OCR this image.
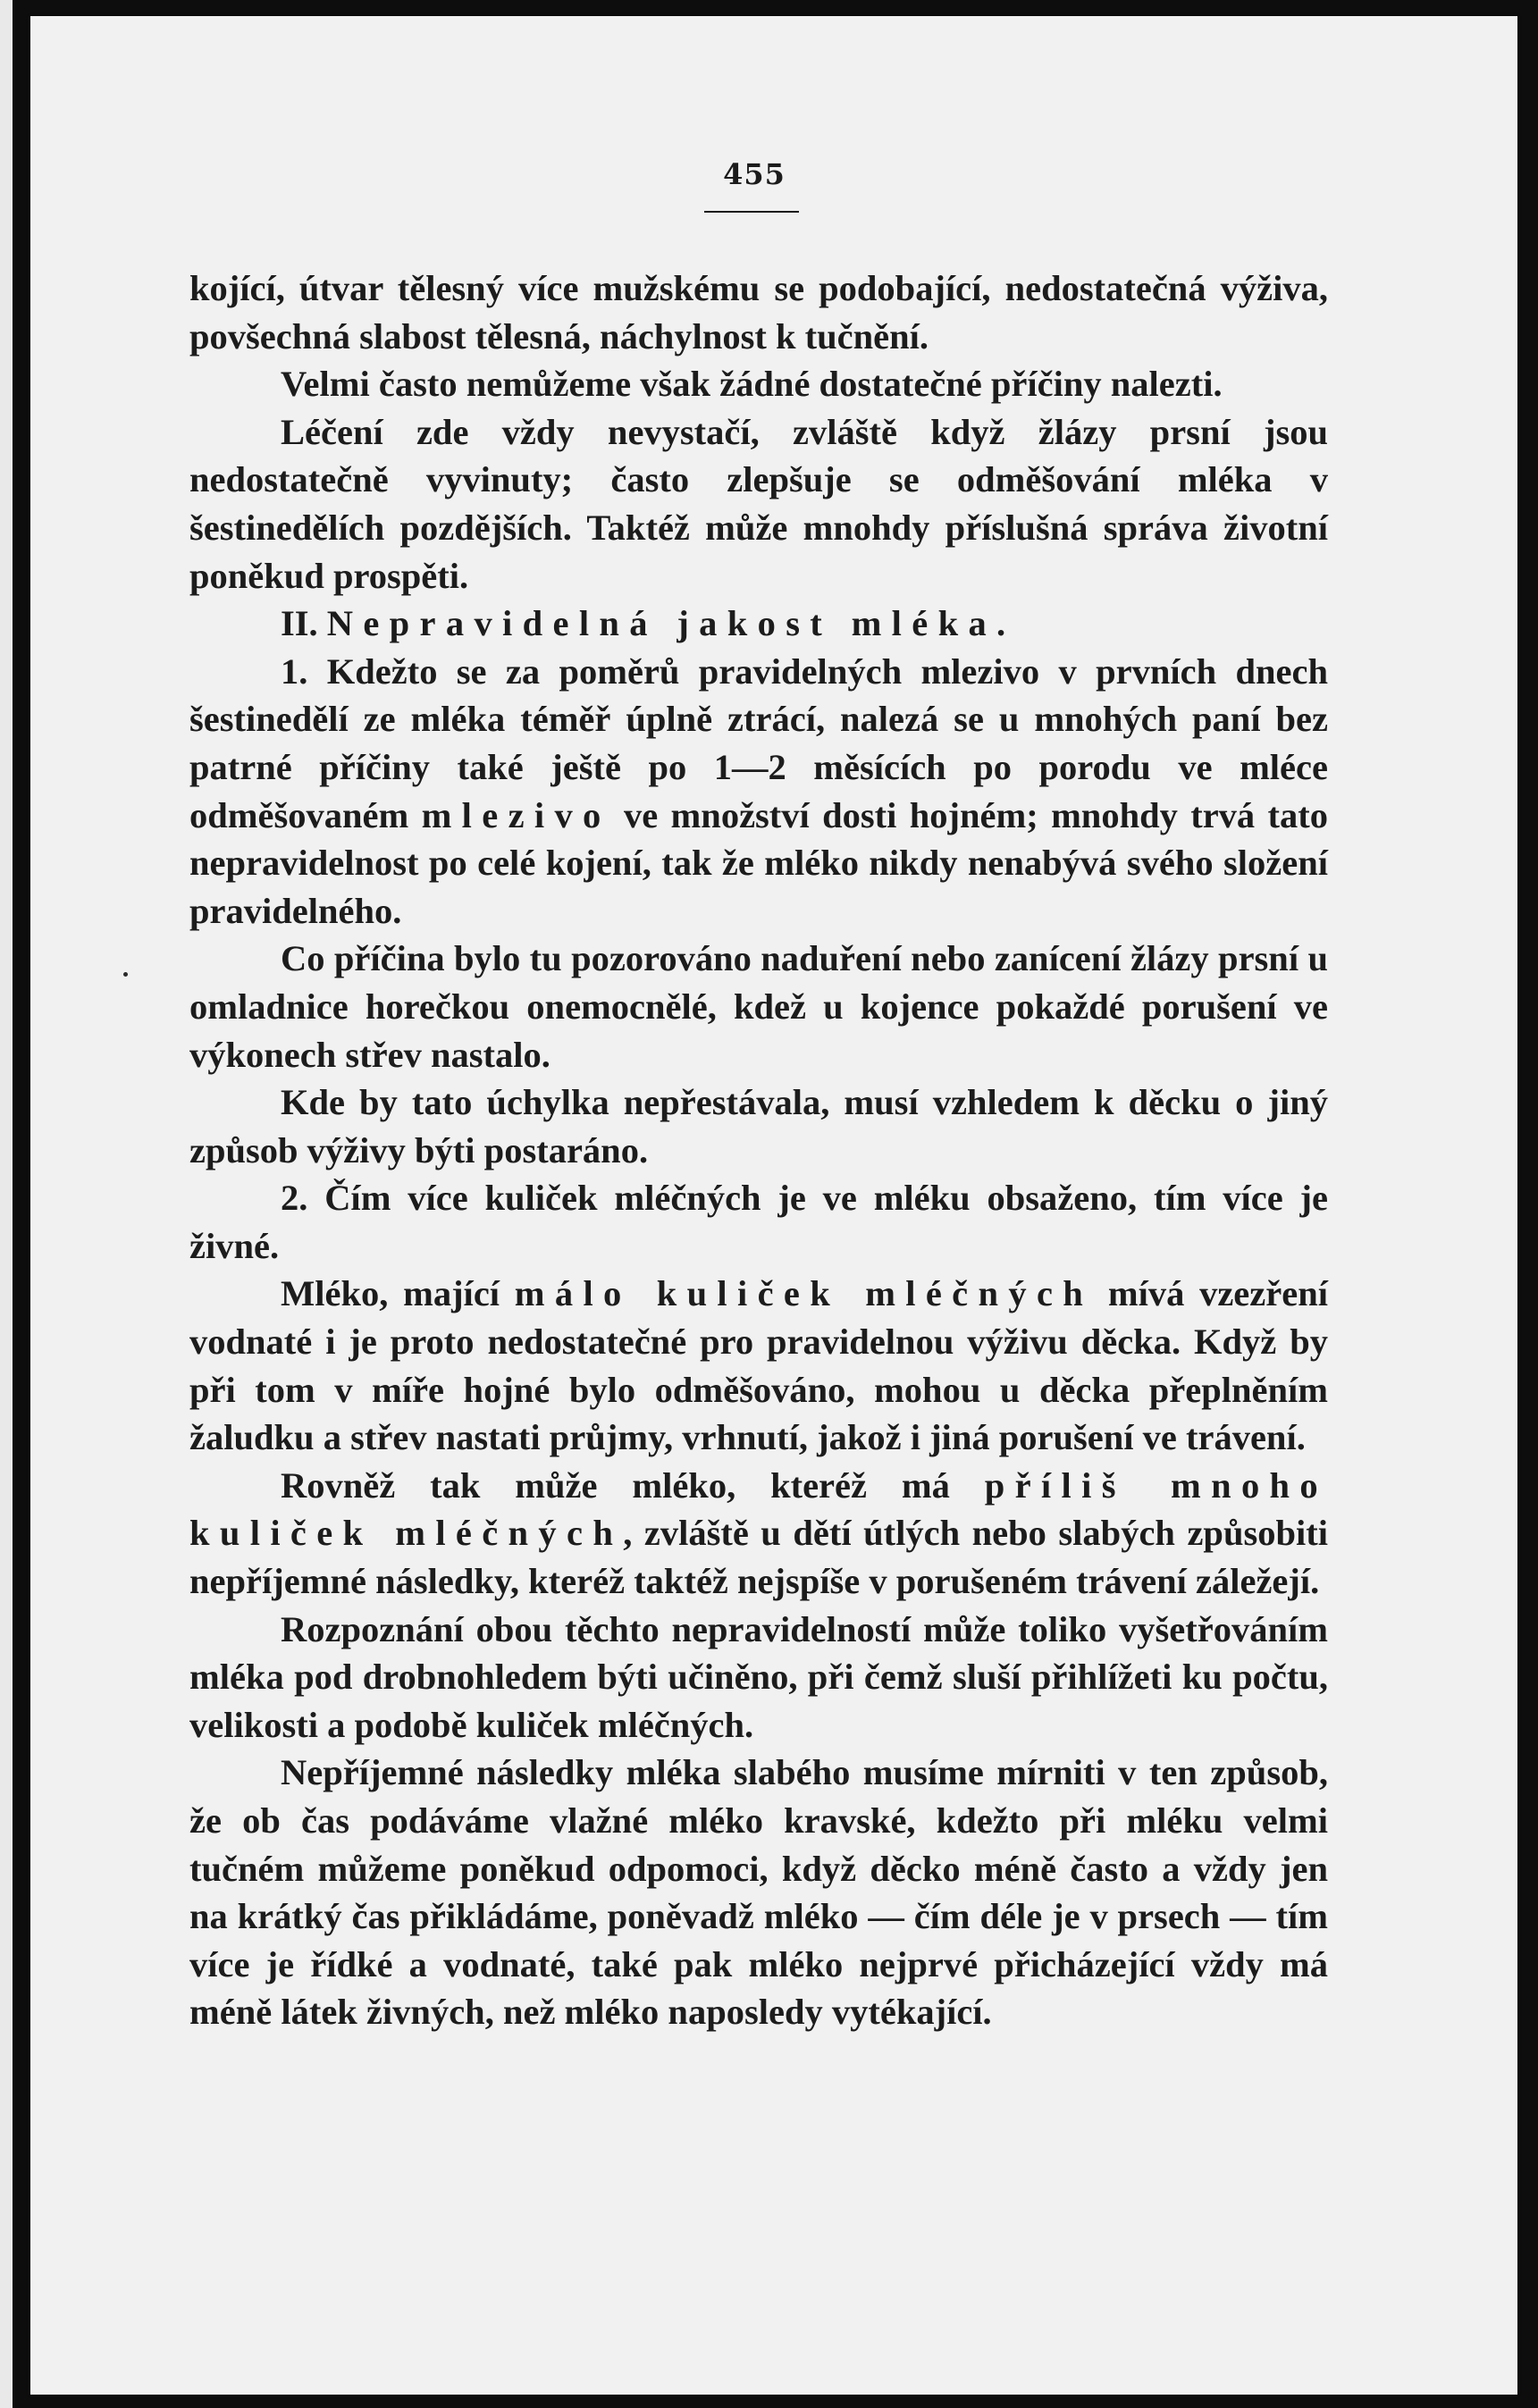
455

kojící, útvar tělesný více mužskému se podobající, nedostatečná výživa, povšechná slabost tělesná, náchylnost k tučnění.

Velmi často nemůžeme však žádné dostatečné příčiny nalezti.

Léčení zde vždy nevystačí, zvláště když žlázy prsní jsou nedostatečně vyvinuty; často zlepšuje se odměšování mléka v šestinedělích pozdějších. Taktéž může mnohdy příslušná správa životní poněkud prospěti.

II. Nepravidelná jakost mléka.

1. Kdežto se za poměrů pravidelných mlezivo v prvních dnech šestinedělí ze mléka téměř úplně ztrácí, nalezá se u mnohých paní bez patrné příčiny také ještě po 1—2 měsících po porodu ve mléce odměšovaném mlezivo ve množství dosti hojném; mnohdy trvá tato nepravidelnost po celé kojení, tak že mléko nikdy nenabývá svého složení pravidelného.

Co příčina bylo tu pozorováno naduření nebo zanícení žlázy prsní u omladnice horečkou onemocnělé, kdež u kojence pokaždé porušení ve výkonech střev nastalo.

Kde by tato úchylka nepřestávala, musí vzhledem k děcku o jiný způsob výživy býti postaráno.

2. Čím více kuliček mléčných je ve mléku obsaženo, tím více je živné.

Mléko, mající málo kuliček mléčných mívá vzezření vodnaté i je proto nedostatečné pro pravidelnou výživu děcka. Když by při tom v míře hojné bylo odměšováno, mohou u děcka přeplněním žaludku a střev nastati průjmy, vrhnutí, jakož i jiná porušení ve trávení.

Rovněž tak může mléko, kteréž má příliš mnoho kuliček mléčných, zvláště u dětí útlých nebo slabých způsobiti nepříjemné následky, kteréž taktéž nejspíše v porušeném trávení záležejí.

Rozpoznání obou těchto nepravidelností může toliko vyšetřováním mléka pod drobnohledem býti učiněno, při čemž sluší přihlížeti ku počtu, velikosti a podobě kuliček mléčných.

Nepříjemné následky mléka slabého musíme mírniti v ten způsob, že ob čas podáváme vlažné mléko kravské, kdežto při mléku velmi tučném můžeme poněkud odpomoci, když děcko méně často a vždy jen na krátký čas přikládáme, poněvadž mléko — čím déle je v prsech — tím více je řídké a vodnaté, také pak mléko nejprvé přicházející vždy má méně látek živných, než mléko naposledy vytékající.
